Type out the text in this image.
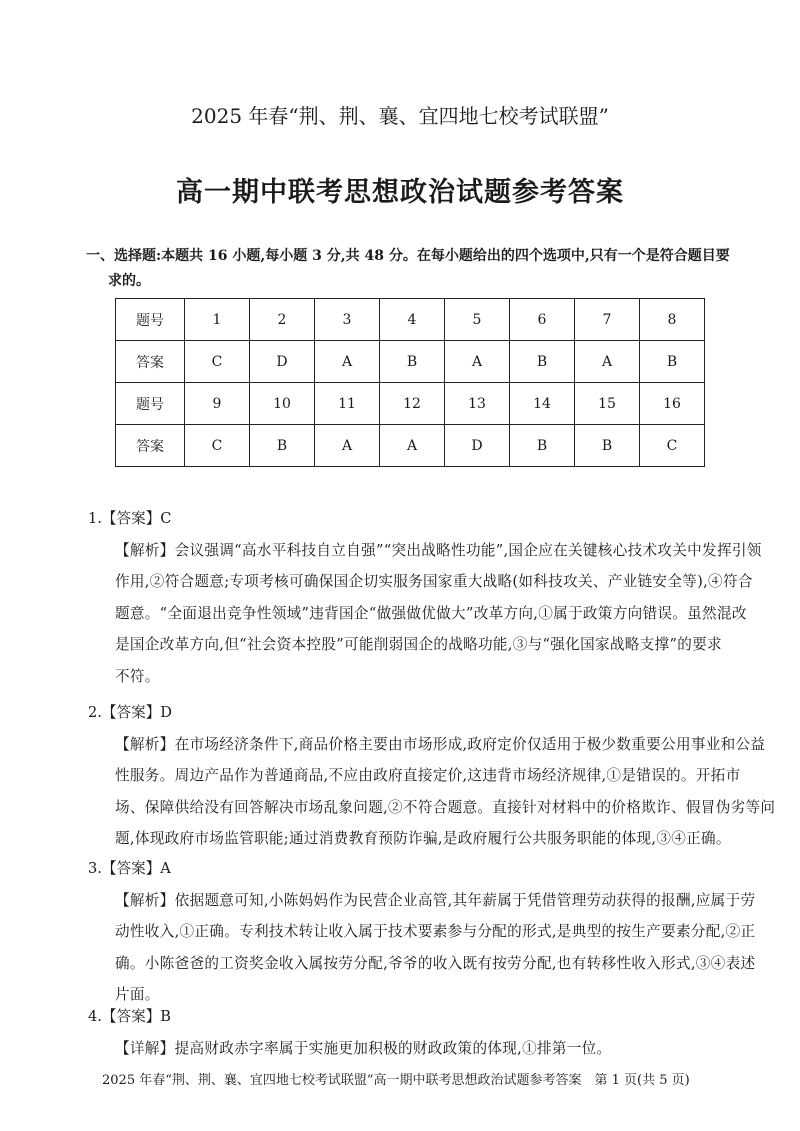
2025 年春“荆、荆、襄、宜四地七校考试联盟”
高一期中联考思想政治试题参考答案
一、选择题:本题共 16 小题,每小题 3 分,共 48 分。在每小题给出的四个选项中,只有一个是符合题目要
求的。
题号	1	2	3	4	5	6	7	8
答案	C	D	A	B	A	B	A	B
题号	9	10	11	12	13	14	15	16
答案	C	B	A	A	D	B	B	C
1.【答案】C
【解析】会议强调“高水平科技自立自强”“突出战略性功能”,国企应在关键核心技术攻关中发挥引领
作用,②符合题意;专项考核可确保国企切实服务国家重大战略(如科技攻关、产业链安全等),④符合
题意。“全面退出竞争性领域”违背国企“做强做优做大”改革方向,①属于政策方向错误。虽然混改
是国企改革方向,但“社会资本控股”可能削弱国企的战略功能,③与“强化国家战略支撑”的要求
不符。
2.【答案】D
【解析】在市场经济条件下,商品价格主要由市场形成,政府定价仅适用于极少数重要公用事业和公益
性服务。周边产品作为普通商品,不应由政府直接定价,这违背市场经济规律,①是错误的。开拓市
场、保障供给没有回答解决市场乱象问题,②不符合题意。直接针对材料中的价格欺诈、假冒伪劣等问
题,体现政府市场监管职能;通过消费教育预防诈骗,是政府履行公共服务职能的体现,③④正确。
3.【答案】A
【解析】依据题意可知,小陈妈妈作为民营企业高管,其年薪属于凭借管理劳动获得的报酬,应属于劳
动性收入,①正确。专利技术转让收入属于技术要素参与分配的形式,是典型的按生产要素分配,②正
确。小陈爸爸的工资奖金收入属按劳分配,爷爷的收入既有按劳分配,也有转移性收入形式,③④表述
片面。
4.【答案】B
【详解】提高财政赤字率属于实施更加积极的财政政策的体现,①排第一位。
2025 年春“荆、荆、襄、宜四地七校考试联盟”高一期中联考思想政治试题参考答案　第 1 页(共 5 页)
